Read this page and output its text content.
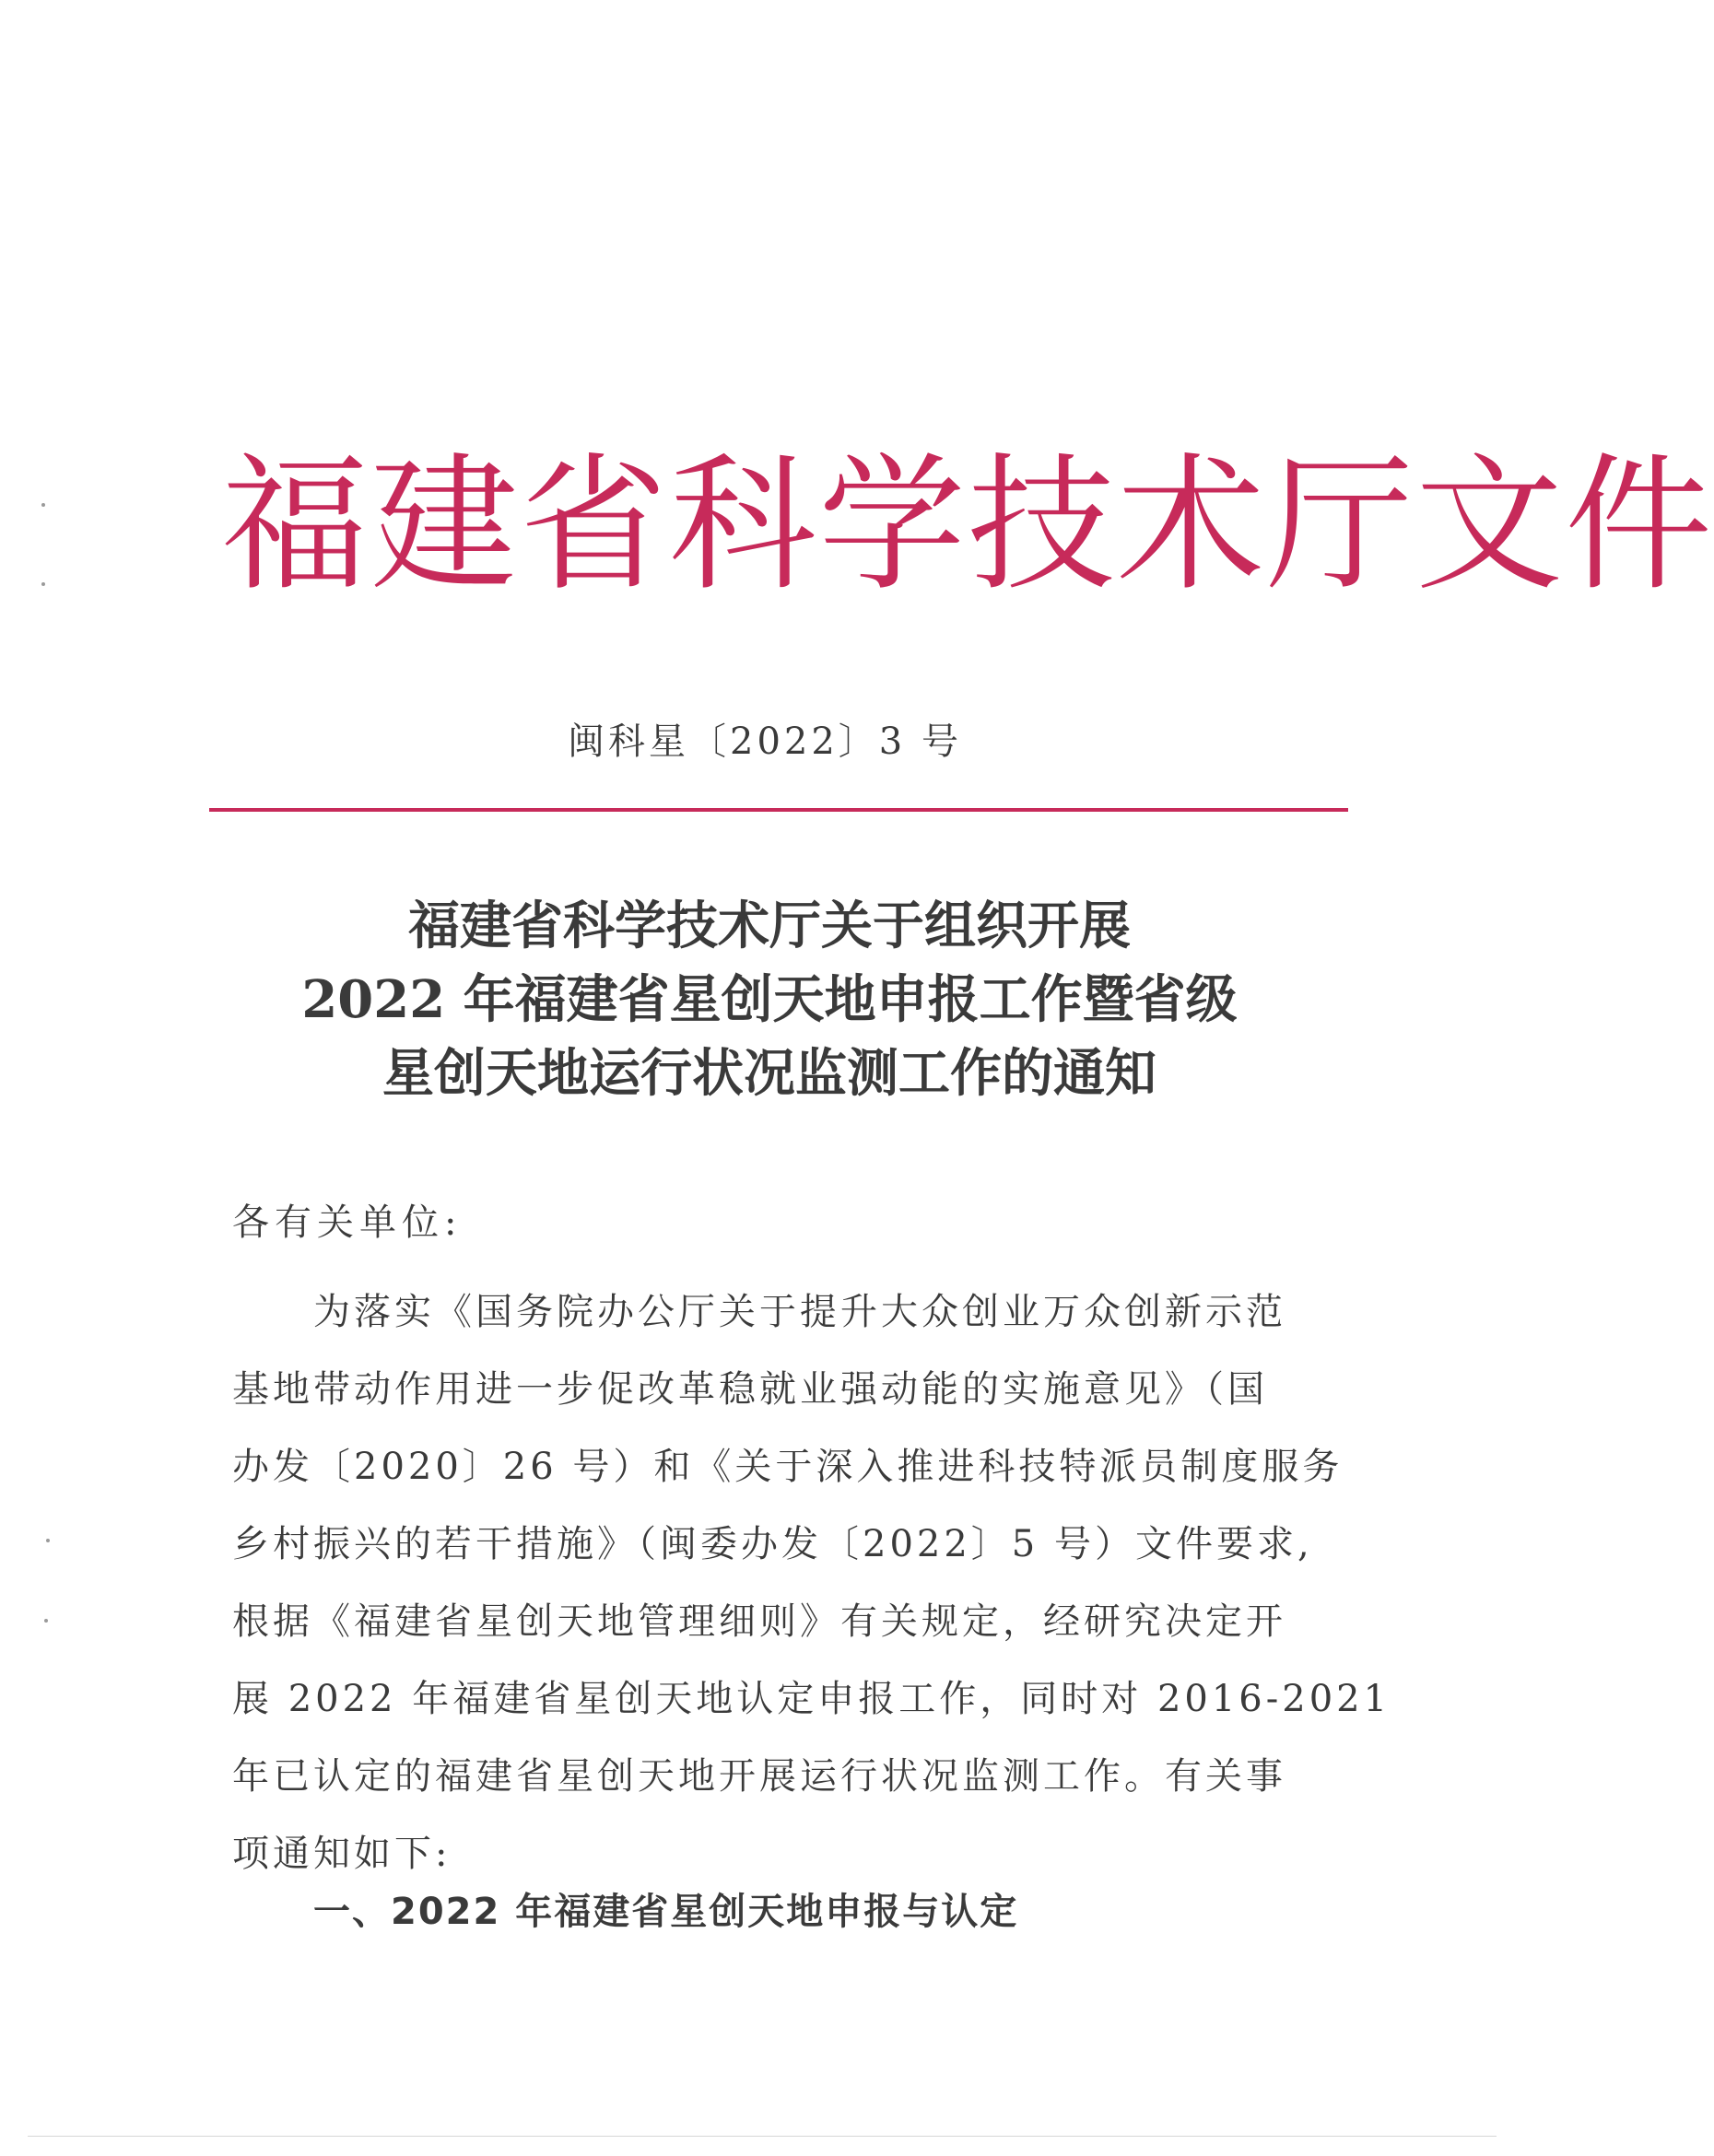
福建省科学技术厅文件
闽科星〔2022〕3 号
福建省科学技术厅关于组织开展
2022 年福建省星创天地申报工作暨省级
星创天地运行状况监测工作的通知
各有关单位:
为落实《国务院办公厅关于提升大众创业万众创新示范
基地带动作用进一步促改革稳就业强动能的实施意见》（国
办发〔2020〕26 号）和《关于深入推进科技特派员制度服务
乡村振兴的若干措施》（闽委办发〔2022〕5 号）文件要求,
根据《福建省星创天地管理细则》有关规定，经研究决定开
展 2022 年福建省星创天地认定申报工作，同时对 2016-2021
年已认定的福建省星创天地开展运行状况监测工作。有关事
项通知如下:
一、2022 年福建省星创天地申报与认定
